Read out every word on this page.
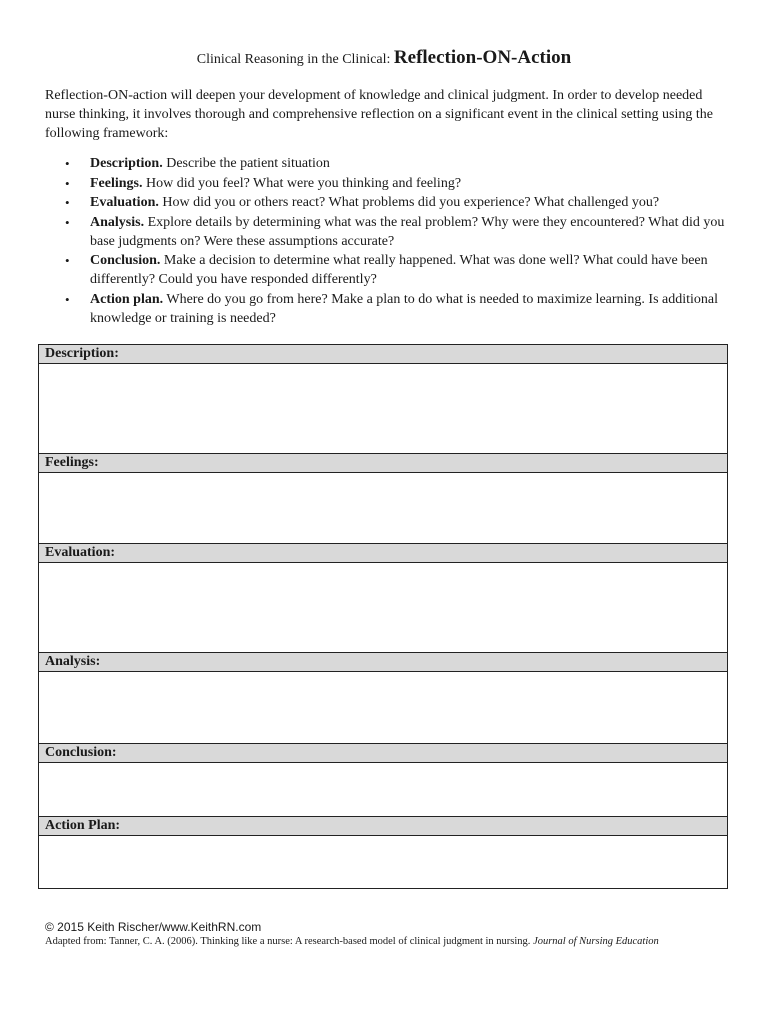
Clinical Reasoning in the Clinical: Reflection-ON-Action

Reflection-ON-action will deepen your development of knowledge and clinical judgment. In order to develop needed nurse thinking, it involves thorough and comprehensive reflection on a significant event in the clinical setting using the following framework:

• Description. Describe the patient situation
• Feelings. How did you feel? What were you thinking and feeling?
• Evaluation. How did you or others react? What problems did you experience? What challenged you?
• Analysis. Explore details by determining what was the real problem? Why were they encountered? What did you base judgments on? Were these assumptions accurate?
• Conclusion. Make a decision to determine what really happened. What was done well? What could have been differently? Could you have responded differently?
• Action plan. Where do you go from here? Make a plan to do what is needed to maximize learning. Is additional knowledge or training is needed?
Description:
Feelings:
Evaluation:
Analysis:
Conclusion:
Action Plan:
© 2015 Keith Rischer/www.KeithRN.com
Adapted from: Tanner, C. A. (2006). Thinking like a nurse: A research-based model of clinical judgment in nursing. Journal of Nursing Education
